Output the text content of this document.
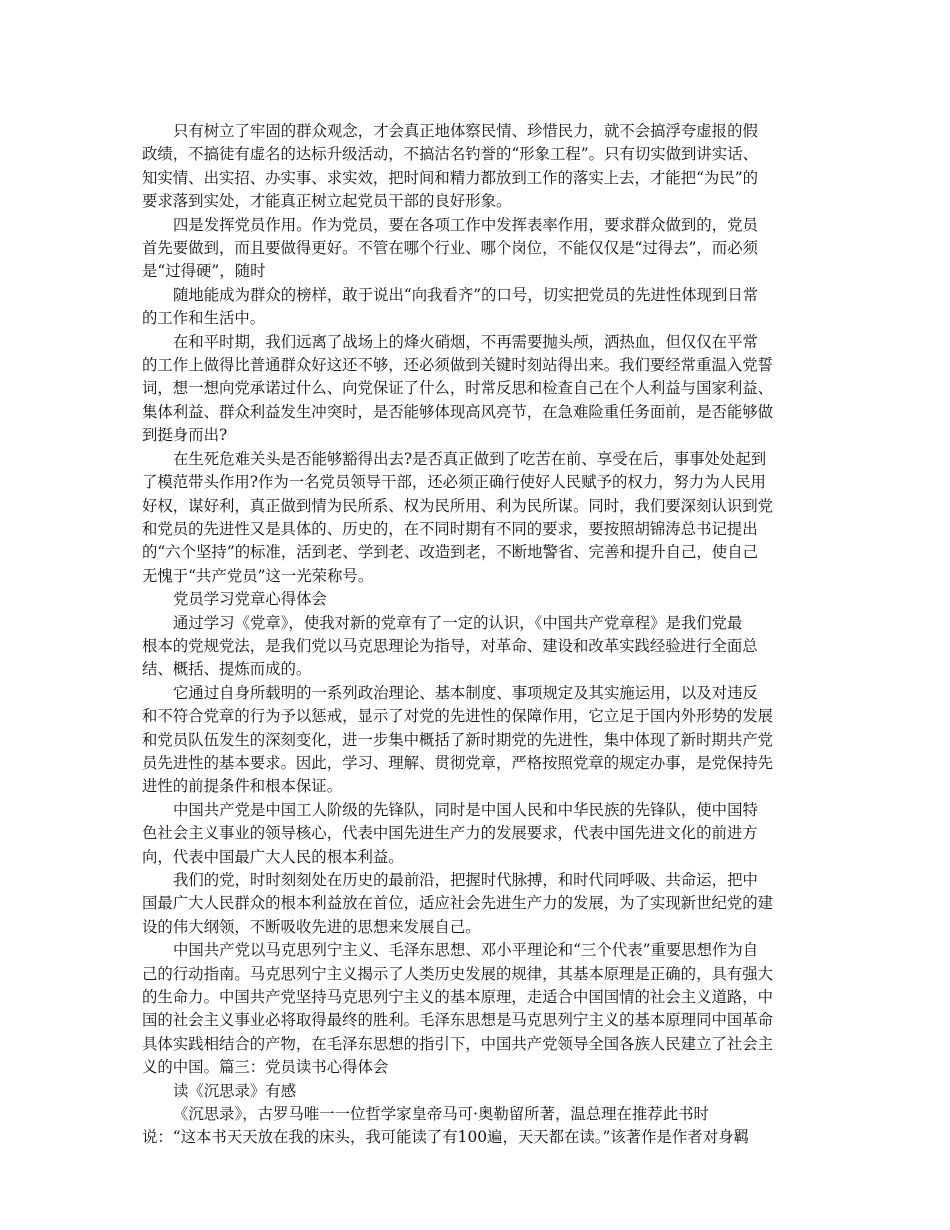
只有树立了牢固的群众观念，才会真正地体察民情、珍惜民力，就不会搞浮夸虚报的假

政绩，不搞徒有虚名的达标升级活动，不搞沽名钓誉的“形象工程”。只有切实做到讲实话、

知实情、出实招、办实事、求实效，把时间和精力都放到工作的落实上去，才能把“为民”的

要求落到实处，才能真正树立起党员干部的良好形象。

四是发挥党员作用。作为党员，要在各项工作中发挥表率作用，要求群众做到的，党员

首先要做到，而且要做得更好。不管在哪个行业、哪个岗位，不能仅仅是“过得去”，而必须

是“过得硬”，随时

随地能成为群众的榜样，敢于说出“向我看齐”的口号，切实把党员的先进性体现到日常

的工作和生活中。

在和平时期，我们远离了战场上的烽火硝烟，不再需要抛头颅，洒热血，但仅仅在平常

的工作上做得比普通群众好这还不够，还必须做到关键时刻站得出来。我们要经常重温入党誓

词，想一想向党承诺过什么、向党保证了什么，时常反思和检查自己在个人利益与国家利益、

集体利益、群众利益发生冲突时，是否能够体现高风亮节，在急难险重任务面前，是否能够做

到挺身而出?

在生死危难关头是否能够豁得出去?是否真正做到了吃苦在前、享受在后，事事处处起到

了模范带头作用?作为一名党员领导干部，还必须正确行使好人民赋予的权力，努力为人民用

好权，谋好利，真正做到情为民所系、权为民所用、利为民所谋。同时，我们要深刻认识到党

和党员的先进性又是具体的、历史的，在不同时期有不同的要求，要按照胡锦涛总书记提出

的“六个坚持”的标准，活到老、学到老、改造到老，不断地警省、完善和提升自己，使自己

无愧于“共产党员”这一光荣称号。

党员学习党章心得体会

通过学习《党章》，使我对新的党章有了一定的认识，《中国共产党章程》是我们党最

根本的党规党法，是我们党以马克思理论为指导，对革命、建设和改革实践经验进行全面总

结、概括、提炼而成的。

它通过自身所载明的一系列政治理论、基本制度、事项规定及其实施运用，以及对违反

和不符合党章的行为予以惩戒，显示了对党的先进性的保障作用，它立足于国内外形势的发展

和党员队伍发生的深刻变化，进一步集中概括了新时期党的先进性，集中体现了新时期共产党

员先进性的基本要求。因此，学习、理解、贯彻党章，严格按照党章的规定办事，是党保持先

进性的前提条件和根本保证。

中国共产党是中国工人阶级的先锋队，同时是中国人民和中华民族的先锋队，使中国特

色社会主义事业的领导核心，代表中国先进生产力的发展要求，代表中国先进文化的前进方

向，代表中国最广大人民的根本利益。

我们的党，时时刻刻处在历史的最前沿，把握时代脉搏，和时代同呼吸、共命运，把中

国最广大人民群众的根本利益放在首位，适应社会先进生产力的发展，为了实现新世纪党的建

设的伟大纲领，不断吸收先进的思想来发展自己。

中国共产党以马克思列宁主义、毛泽东思想、邓小平理论和“三个代表”重要思想作为自

己的行动指南。马克思列宁主义揭示了人类历史发展的规律，其基本原理是正确的，具有强大

的生命力。中国共产党坚持马克思列宁主义的基本原理，走适合中国国情的社会主义道路，中

国的社会主义事业必将取得最终的胜利。毛泽东思想是马克思列宁主义的基本原理同中国革命

具体实践相结合的产物，在毛泽东思想的指引下，中国共产党领导全国各族人民建立了社会主

义的中国。篇三：党员读书心得体会

读《沉思录》有感

《沉思录》，古罗马唯一一位哲学家皇帝马可·奥勒留所著，温总理在推荐此书时

说：“这本书天天放在我的床头，我可能读了有100遍，天天都在读。”该著作是作者对身羁
